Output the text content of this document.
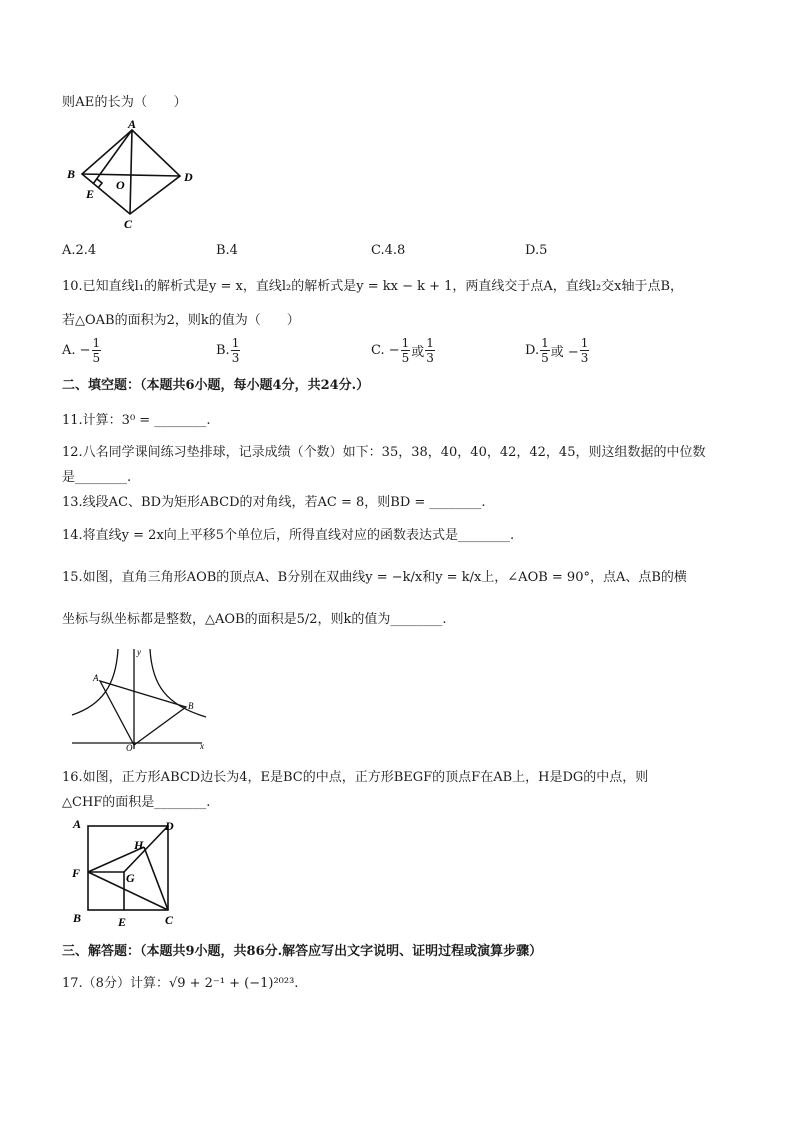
则AE的长为（　　）
A
B
C
D
E
O
A.2.4	B.4	C.4.8	D.5
10.已知直线l₁的解析式是y = x，直线l₂的解析式是y = kx − k + 1，两直线交于点A，直线l₂交x轴于点B，
若△OAB的面积为2，则k的值为（　　）
A. − $\frac{1}{5}$	B. $\frac{1}{3}$	C. − $\frac{1}{5}$ 或 $\frac{1}{3}$	D. $\frac{1}{5}$ 或 − $\frac{1}{3}$
二、填空题：（本题共6小题，每小题4分，共24分.）
11.计算：3⁰ = ________.
12.八名同学课间练习垫排球，记录成绩（个数）如下：35，38，40，40，42，42，45，则这组数据的中位数
是________.
13.线段AC、BD为矩形ABCD的对角线，若AC = 8，则BD = ________.
14.将直线y = 2x向上平移5个单位后，所得直线对应的函数表达式是________.
15.如图，直角三角形AOB的顶点A、B分别在双曲线y = −k/x和y = k/x上，∠AOB = 90°，点A、点B的横
坐标与纵坐标都是整数，△AOB的面积是5/2，则k的值为________.
y
A
B
O	x
16.如图，正方形ABCD边长为4，E是BC的中点，正方形BEGF的顶点F在AB上，H是DG的中点，则
△CHF的面积是________.
A	D
H
F	G
B	E	C
三、解答题：（本题共9小题，共86分.解答应写出文字说明、证明过程或演算步骤）
17.（8分）计算：√9 + 2⁻¹ + (−1)²⁰²³.
